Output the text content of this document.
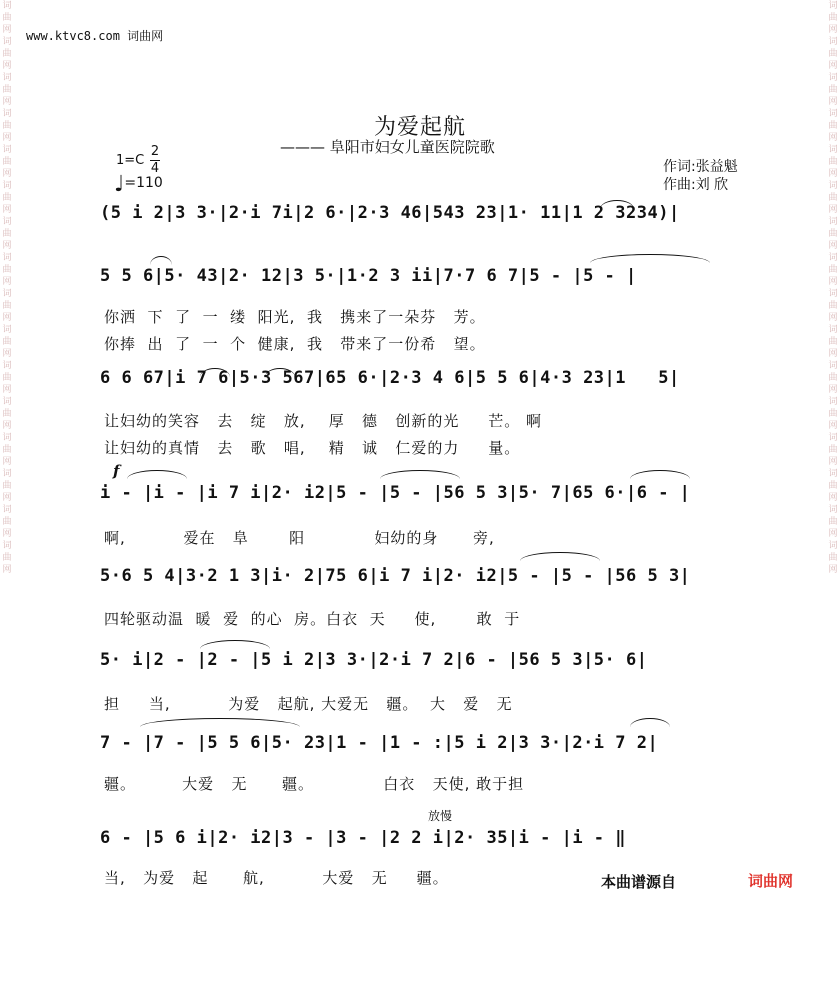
词
曲
网
词
曲
网
词
曲
网
词
曲
网
词
曲
网
词
曲
网
词
曲
网
词
曲
网
词
曲
网
词
曲
网
词
曲
网
词
曲
网
词
曲
网
词
曲
网
词
曲
网
词
曲
网
词
曲
网
词
曲
网
词
曲
网
词
曲
网
词
曲
网
词
曲
网
词
曲
网
词
曲
网
词
曲
网
词
曲
网
词
曲
网
词
曲
网
词
曲
网
词
曲
网
词
曲
网
词
曲
网
www.ktvc8.com 词曲网
为爱起航
——— 阜阳市妇女儿童医院院歌
1=C
2
4
♩=110
作词:张益魁
作曲:刘 欣
f
放慢
(5 i 2|3 3·|2·i 7i|2 6·|2·3 46|543 23|1· 11|1 2 3234)|
5 5 6|5· 43|2· 12|3 5·|1·2 3 ii|7·7 6 7|5 - |5 - |
你洒  下  了  一  缕  阳光,  我   携来了一朵芬   芳。
你捧  出  了  一  个  健康,  我   带来了一份希   望。
6 6 67|i 7 6|5·3 567|65 6·|2·3 4 6|5 5 6|4·3 23|1   5|
让妇幼的笑容   去   绽   放,    厚   德   创新的光     芒。 啊
让妇幼的真情   去   歌   唱,    精   诚   仁爱的力     量。
i - |i - |i 7 i|2· i2|5 - |5 - |56 5 3|5· 7|65 6·|6 - |
啊,          爱在   阜       阳            妇幼的身      旁,
5·6 5 4|3·2 1 3|i· 2|75 6|i 7 i|2· i2|5 - |5 - |56 5 3|
四轮驱动温  暖  爱  的心  房。白衣  天     使,       敢  于
5· i|2 - |2 - |5 i 2|3 3·|2·i 7 2|6 - |56 5 3|5· 6|
担     当,          为爱   起航, 大爱无   疆。  大   爱   无
7 - |7 - |5 5 6|5· 23|1 - |1 - :|5 i 2|3 3·|2·i 7 2|
疆。        大爱   无      疆。            白衣   天使, 敢于担
6 - |5 6 i|2· i2|3 - |3 - |2 2 i|2· 35|i - |i - ‖
当,   为爱   起      航,          大爱   无     疆。	本曲谱源自	词曲网
